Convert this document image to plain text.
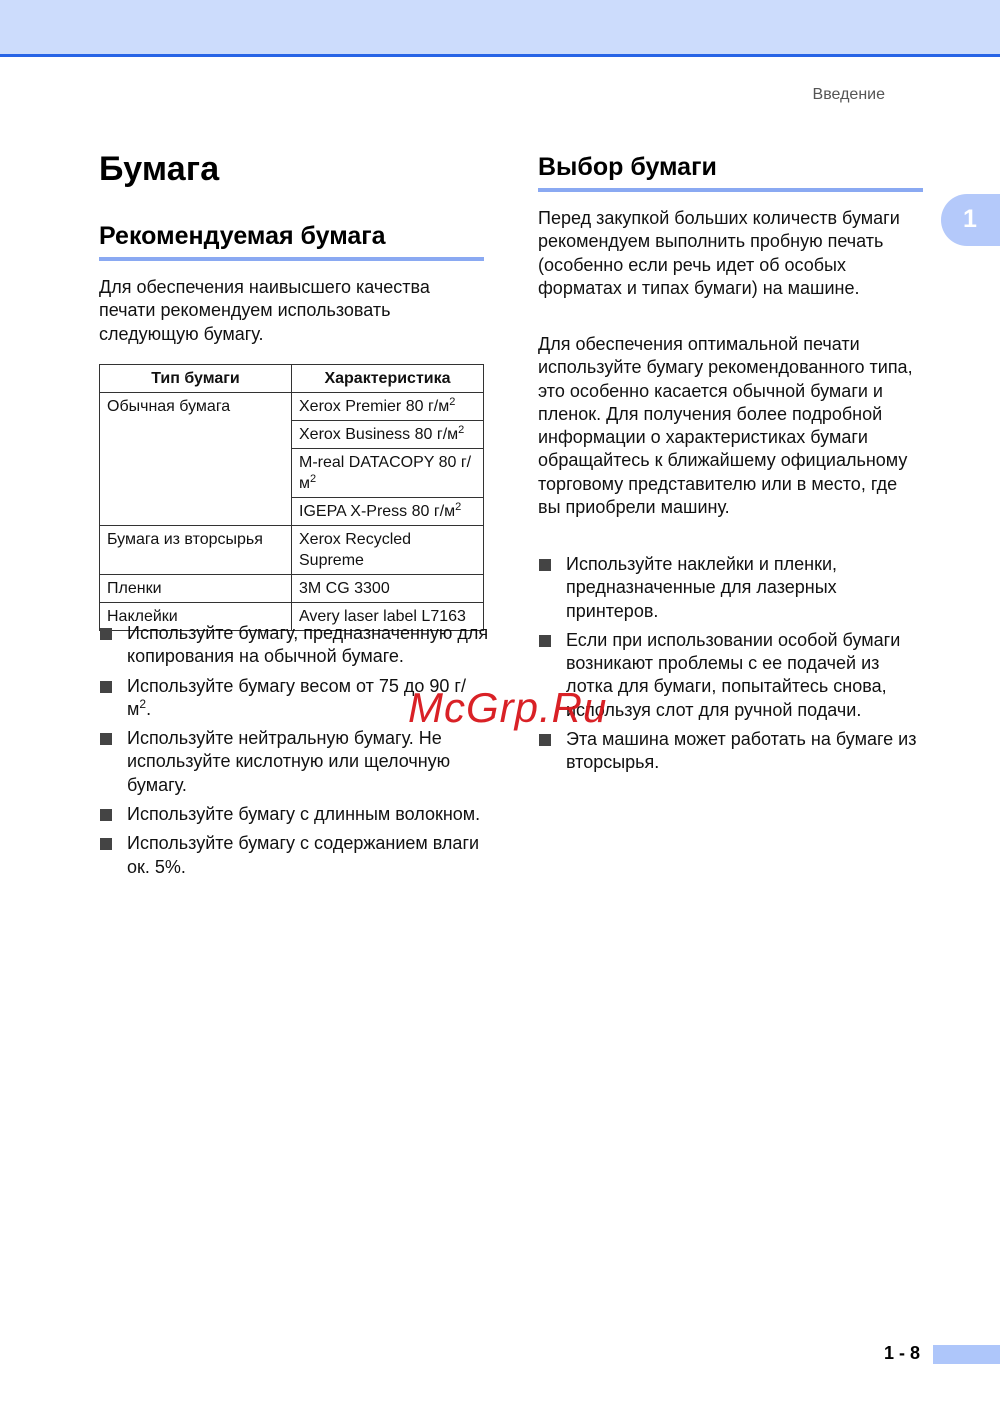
Введение
1
Бумага
Рекомендуемая бумага

Для обеспечения наивысшего качества печати рекомендуем использовать следующую бумагу.

Тип бумаги	Характеристика
Обычная бумага	Xerox Premier 80 $г/м^2$
	Xerox Business 80 $г/м^2$
	M-real DATACOPY 80 $г/м^2$
	IGEPA X-Press 80 $г/м^2$
Бумага из вторсырья	Xerox Recycled Supreme
Пленки	3M CG 3300
Наклейки	Avery laser label L7163
Используйте бумагу, предназначенную для копирования на обычной бумаге.
Используйте бумагу весом от 75 до 90 $г/м^2$.
Используйте нейтральную бумагу. Не используйте кислотную или щелочную бумагу.
Используйте бумагу с длинным волокном.
Используйте бумагу с содержанием влаги ок. 5%.
Выбор бумаги

Перед закупкой больших количеств бумаги рекомендуем выполнить пробную печать (особенно если речь идет об особых форматах и типах бумаги) на машине.

Для обеспечения оптимальной печати используйте бумагу рекомендованного типа, это особенно касается обычной бумаги и пленок. Для получения более подробной информации о характеристиках бумаги обращайтесь к ближайшему официальному торговому представителю или в место, где вы приобрели машину.

Используйте наклейки и пленки, предназначенные для лазерных принтеров.
Если при использовании особой бумаги возникают проблемы с ее подачей из лотка для бумаги, попытайтесь снова, используя слот для ручной подачи.
Эта машина может работать на бумаге из вторсырья.
McGrp.Ru
1 - 8
